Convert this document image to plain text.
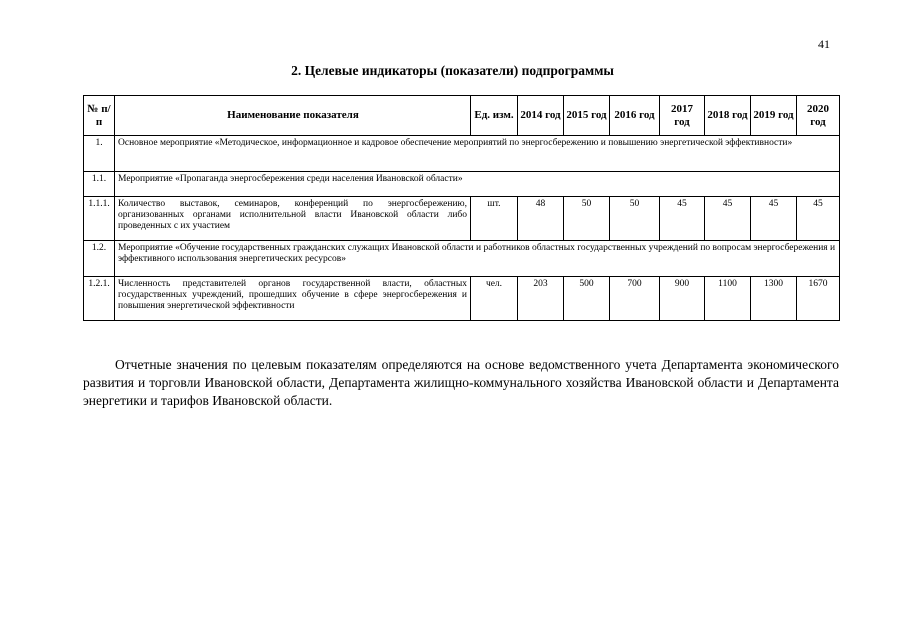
41
2. Целевые индикаторы (показатели) подпрограммы
№ п/п	Наименование показателя	Ед. изм.	2014 год	2015 год	2016 год	2017 год	2018 год	2019 год	2020 год
1.	Основное мероприятие «Методическое, информационное и кадровое обеспечение мероприятий по энергосбережению и повышению энергетической эффективности»								
1.1.	Мероприятие «Пропаганда энергосбережения среди населения Ивановской области»								
1.1.1.	Количество выставок, семинаров, конференций по энергосбережению, организованных органами исполнительной власти Ивановской области либо проведенных с их участием	шт.	48	50	50	45	45	45	45
1.2.	Мероприятие «Обучение государственных гражданских служащих Ивановской области и работников областных государственных учреждений по вопросам энергосбережения и эффективного использования энергетических ресурсов»								
1.2.1.	Численность представителей органов государственной власти, областных государственных учреждений, прошедших обучение в сфере энергосбережения и повышения энергетической эффективности	чел.	203	500	700	900	1100	1300	1670
Отчетные значения по целевым показателям определяются на основе ведомственного учета Департамента экономического развития и торговли Ивановской области, Департамента жилищно-коммунального хозяйства Ивановской области и Департамента энергетики и тарифов Ивановской области.
